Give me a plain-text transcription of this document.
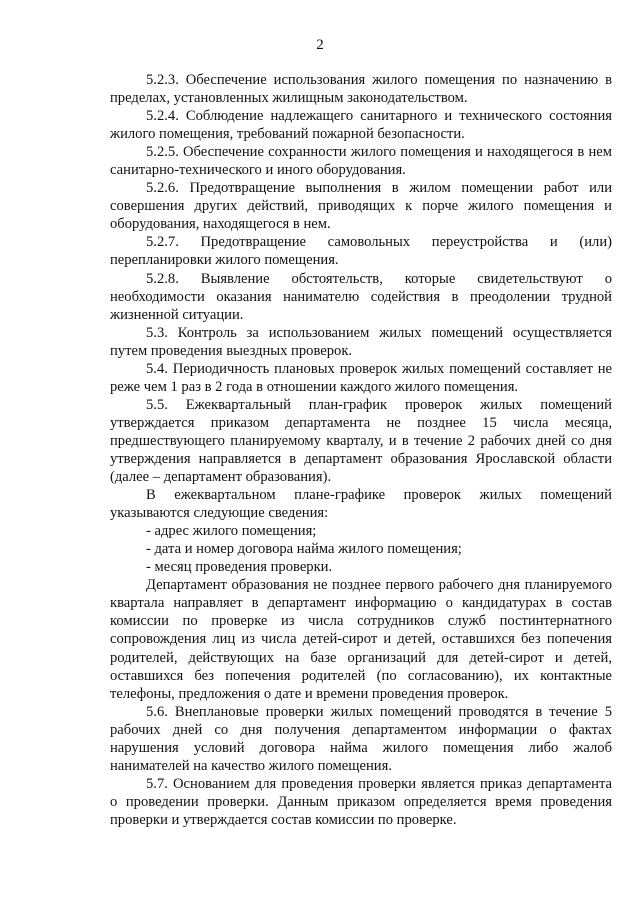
2

5.2.3. Обеспечение использования жилого помещения по назначению в пределах, установленных жилищным законодательством.

5.2.4. Соблюдение надлежащего санитарного и технического состояния жилого помещения, требований пожарной безопасности.

5.2.5. Обеспечение сохранности жилого помещения и находящегося в нем санитарно-технического и иного оборудования.

5.2.6. Предотвращение выполнения в жилом помещении работ или совершения других действий, приводящих к порче жилого помещения и оборудования, находящегося в нем.

5.2.7. Предотвращение самовольных переустройства и (или) перепланировки жилого помещения.

5.2.8. Выявление обстоятельств, которые свидетельствуют о необходимости оказания нанимателю содействия в преодолении трудной жизненной ситуации.

5.3. Контроль за использованием жилых помещений осуществляется путем проведения выездных проверок.

5.4. Периодичность плановых проверок жилых помещений составляет не реже чем 1 раз в 2 года в отношении каждого жилого помещения.

5.5. Ежеквартальный план-график проверок жилых помещений утверждается приказом департамента не позднее 15 числа месяца, предшествующего планируемому кварталу, и в течение 2 рабочих дней со дня утверждения направляется в департамент образования Ярославской области (далее – департамент образования).

В ежеквартальном плане-графике проверок жилых помещений указываются следующие сведения:

- адрес жилого помещения;

- дата и номер договора найма жилого помещения;

- месяц проведения проверки.

Департамент образования не позднее первого рабочего дня планируемого квартала направляет в департамент информацию о кандидатурах в состав комиссии по проверке из числа сотрудников служб постинтернатного сопровождения лиц из числа детей-сирот и детей, оставшихся без попечения родителей, действующих на базе организаций для детей-сирот и детей, оставшихся без попечения родителей (по согласованию), их контактные телефоны, предложения о дате и времени проведения проверок.

5.6. Внеплановые проверки жилых помещений проводятся в течение 5 рабочих дней со дня получения департаментом информации о фактах нарушения условий договора найма жилого помещения либо жалоб нанимателей на качество жилого помещения.

5.7. Основанием для проведения проверки является приказ департамента о проведении проверки. Данным приказом определяется время проведения проверки и утверждается состав комиссии по проверке.
